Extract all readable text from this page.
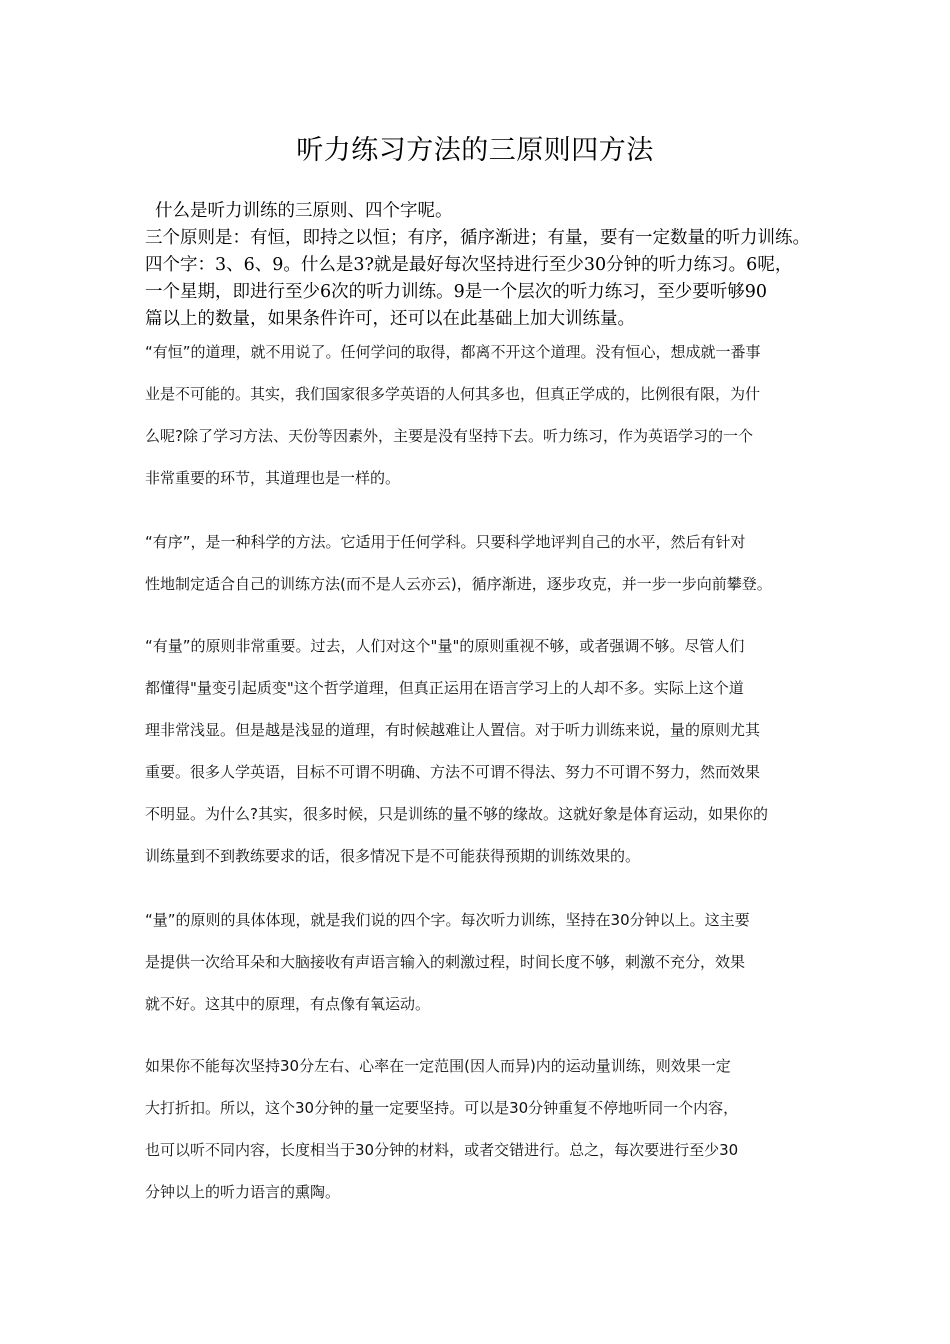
听力练习方法的三原则四方法
什么是听力训练的三原则、四个字呢。
三个原则是：有恒，即持之以恒；有序，循序渐进；有量，要有一定数量的听力训练。
四个字：3、6、9。什么是3?就是最好每次坚持进行至少30分钟的听力练习。6呢，
一个星期，即进行至少6次的听力训练。9是一个层次的听力练习，至少要听够90
篇以上的数量，如果条件许可，还可以在此基础上加大训练量。
“有恒”的道理，就不用说了。任何学问的取得，都离不开这个道理。没有恒心，想成就一番事
业是不可能的。其实，我们国家很多学英语的人何其多也，但真正学成的，比例很有限，为什
么呢?除了学习方法、天份等因素外，主要是没有坚持下去。听力练习，作为英语学习的一个
非常重要的环节，其道理也是一样的。
“有序”，是一种科学的方法。它适用于任何学科。只要科学地评判自己的水平，然后有针对
性地制定适合自己的训练方法(而不是人云亦云)，循序渐进，逐步攻克，并一步一步向前攀登。
“有量”的原则非常重要。过去，人们对这个"量"的原则重视不够，或者强调不够。尽管人们
都懂得"量变引起质变"这个哲学道理，但真正运用在语言学习上的人却不多。实际上这个道
理非常浅显。但是越是浅显的道理，有时候越难让人置信。对于听力训练来说，量的原则尤其
重要。很多人学英语，目标不可谓不明确、方法不可谓不得法、努力不可谓不努力，然而效果
不明显。为什么?其实，很多时候，只是训练的量不够的缘故。这就好象是体育运动，如果你的
训练量到不到教练要求的话，很多情况下是不可能获得预期的训练效果的。
“量”的原则的具体体现，就是我们说的四个字。每次听力训练，坚持在30分钟以上。这主要
是提供一次给耳朵和大脑接收有声语言输入的刺激过程，时间长度不够，刺激不充分，效果
就不好。这其中的原理，有点像有氧运动。
如果你不能每次坚持30分左右、心率在一定范围(因人而异)内的运动量训练，则效果一定
大打折扣。所以，这个30分钟的量一定要坚持。可以是30分钟重复不停地听同一个内容，
也可以听不同内容，长度相当于30分钟的材料，或者交错进行。总之，每次要进行至少30
分钟以上的听力语言的熏陶。
